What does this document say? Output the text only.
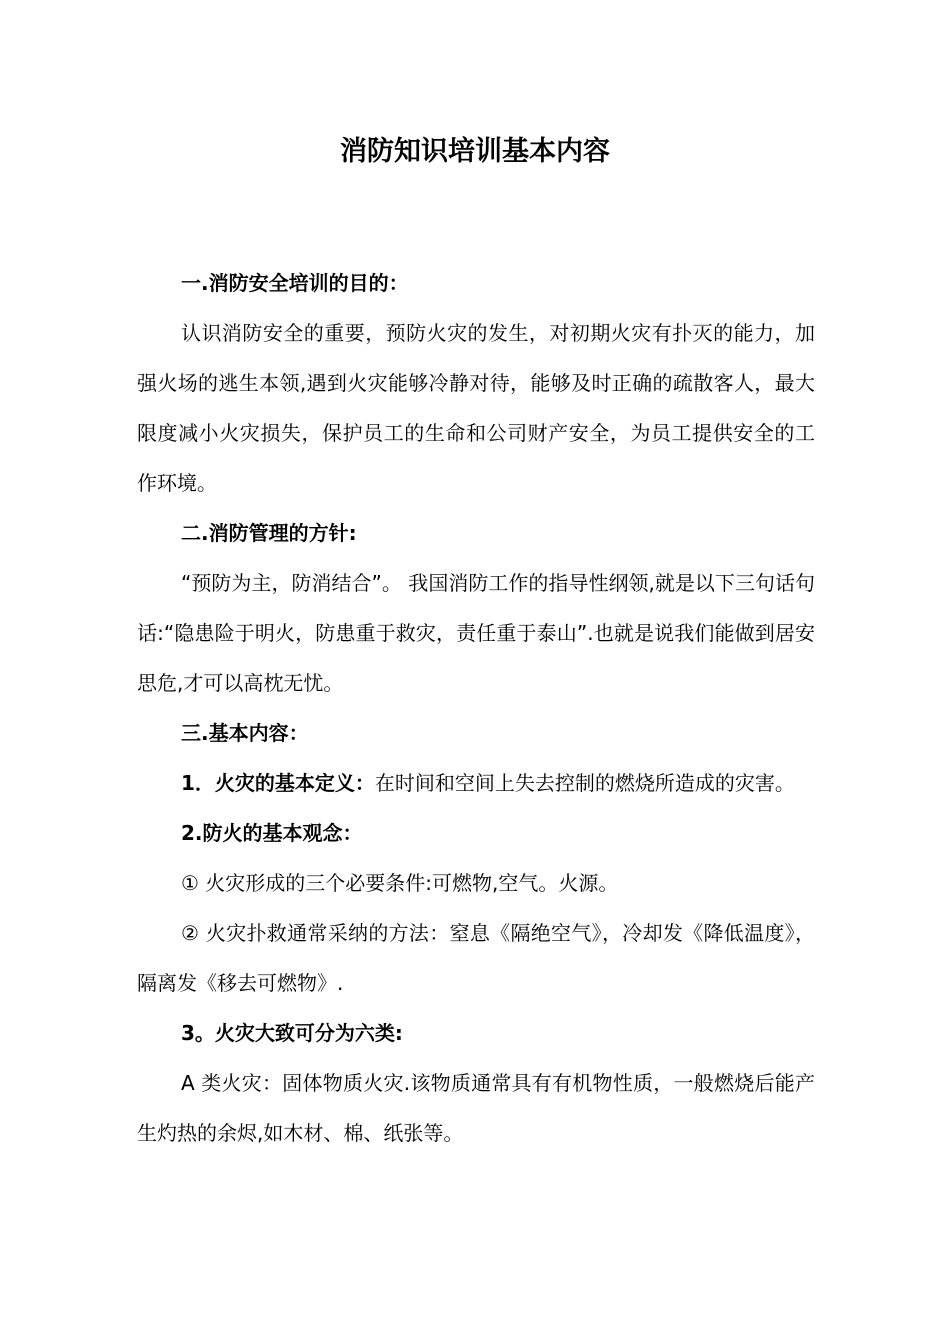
消防知识培训基本内容

一.消防安全培训的目的：

认识消防安全的重要，预防火灾的发生，对初期火灾有扑灭的能力，加强火场的逃生本领,遇到火灾能够冷静对待，能够及时正确的疏散客人，最大限度减小火灾损失，保护员工的生命和公司财产安全，为员工提供安全的工作环境。

二.消防管理的方针:

“预防为主，防消结合”。 我国消防工作的指导性纲领,就是以下三句话句话:“隐患险于明火，防患重于救灾，责任重于泰山”.也就是说我们能做到居安思危,才可以高枕无忧。

三.基本内容：

1．火灾的基本定义：在时间和空间上失去控制的燃烧所造成的灾害。

2.防火的基本观念：

① 火灾形成的三个必要条件:可燃物,空气。火源。

② 火灾扑救通常采纳的方法：窒息《隔绝空气》，冷却发《降低温度》，隔离发《移去可燃物》.

3。火灾大致可分为六类:

A 类火灾：固体物质火灾.该物质通常具有有机物性质，一般燃烧后能产生灼热的余烬,如木材、棉、纸张等。
